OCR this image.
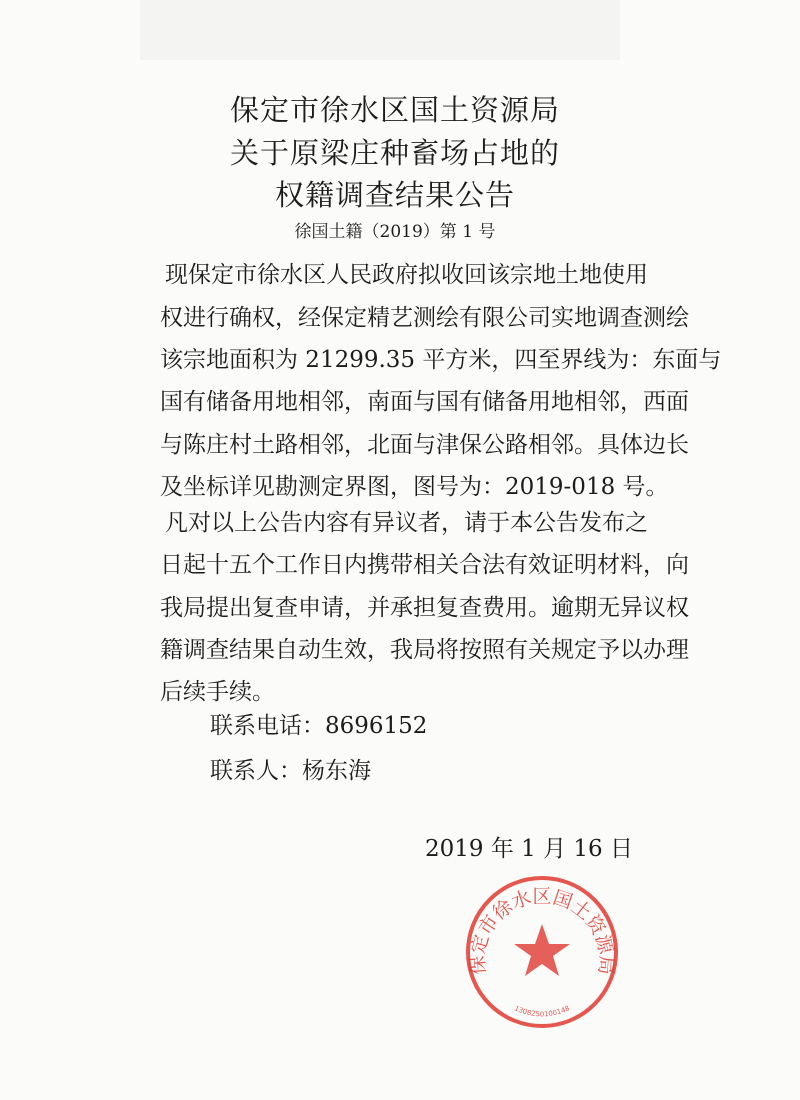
保定市徐水区国土资源局
关于原梁庄种畜场占地的
权籍调查结果公告
徐国土籍（2019）第 1 号
现保定市徐水区人民政府拟收回该宗地土地使用
权进行确权，经保定精艺测绘有限公司实地调查测绘
该宗地面积为 21299.35 平方米，四至界线为：东面与
国有储备用地相邻，南面与国有储备用地相邻，西面
与陈庄村土路相邻，北面与津保公路相邻。具体边长
及坐标详见勘测定界图，图号为：2019-018 号。
凡对以上公告内容有异议者，请于本公告发布之
日起十五个工作日内携带相关合法有效证明材料，向
我局提出复查申请，并承担复查费用。逾期无异议权
籍调查结果自动生效，我局将按照有关规定予以办理
后续手续。
联系电话：8696152
联系人：杨东海
2019 年 1 月 16 日
保定市徐水区国土资源局
1308250100148
